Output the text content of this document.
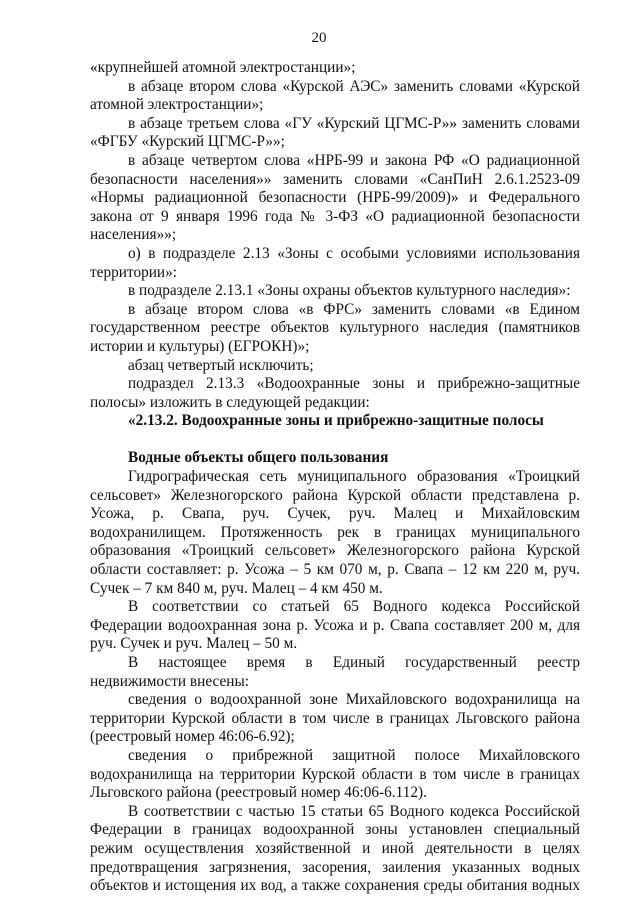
20

«крупнейшей атомной электростанции»;

в абзаце втором слова «Курской АЭС» заменить словами «Курской атомной электростанции»;

в абзаце третьем слова «ГУ «Курский ЦГМС-Р»» заменить словами «ФГБУ «Курский ЦГМС-Р»»;

в абзаце четвертом слова «НРБ-99 и закона РФ «О радиационной безопасности населения»» заменить словами «СанПиН 2.6.1.2523-09 «Нормы радиационной безопасности (НРБ-99/2009)» и Федерального закона от 9 января 1996 года № 3-ФЗ «О радиационной безопасности населения»»;

о) в подразделе 2.13 «Зоны с особыми условиями использования территории»:

в подразделе 2.13.1 «Зоны охраны объектов культурного наследия»:

в абзаце втором слова «в ФРС» заменить словами «в Едином государственном реестре объектов культурного наследия (памятников истории и культуры) (ЕГРОКН)»;

абзац четвертый исключить;

подраздел 2.13.3 «Водоохранные зоны и прибрежно-защитные полосы» изложить в следующей редакции:

«2.13.2. Водоохранные зоны и прибрежно-защитные полосы

Водные объекты общего пользования

Гидрографическая сеть муниципального образования «Троицкий сельсовет» Железногорского района Курской области представлена р. Усожа, р. Свапа, руч. Сучек, руч. Малец и Михайловским водохранилищем. Протяженность рек в границах муниципального образования «Троицкий сельсовет» Железногорского района Курской области составляет: р. Усожа – 5 км 070 м, р. Свапа – 12 км 220 м, руч. Сучек – 7 км 840 м, руч. Малец – 4 км 450 м.

В соответствии со статьей 65 Водного кодекса Российской Федерации водоохранная зона р. Усожа и р. Свапа составляет 200 м, для руч. Сучек и руч. Малец – 50 м.

В настоящее время в Единый государственный реестр недвижимости внесены:

сведения о водоохранной зоне Михайловского водохранилища на территории Курской области в том числе в границах Льговского района (реестровый номер 46:06-6.92);

сведения о прибрежной защитной полосе Михайловского водохранилища на территории Курской области в том числе в границах Льговского района (реестровый номер 46:06-6.112).

В соответствии с частью 15 статьи 65 Водного кодекса Российской Федерации в границах водоохранной зоны установлен специальный режим осуществления хозяйственной и иной деятельности в целях предотвращения загрязнения, засорения, заиления указанных водных объектов и истощения их вод, а также сохранения среды обитания водных
